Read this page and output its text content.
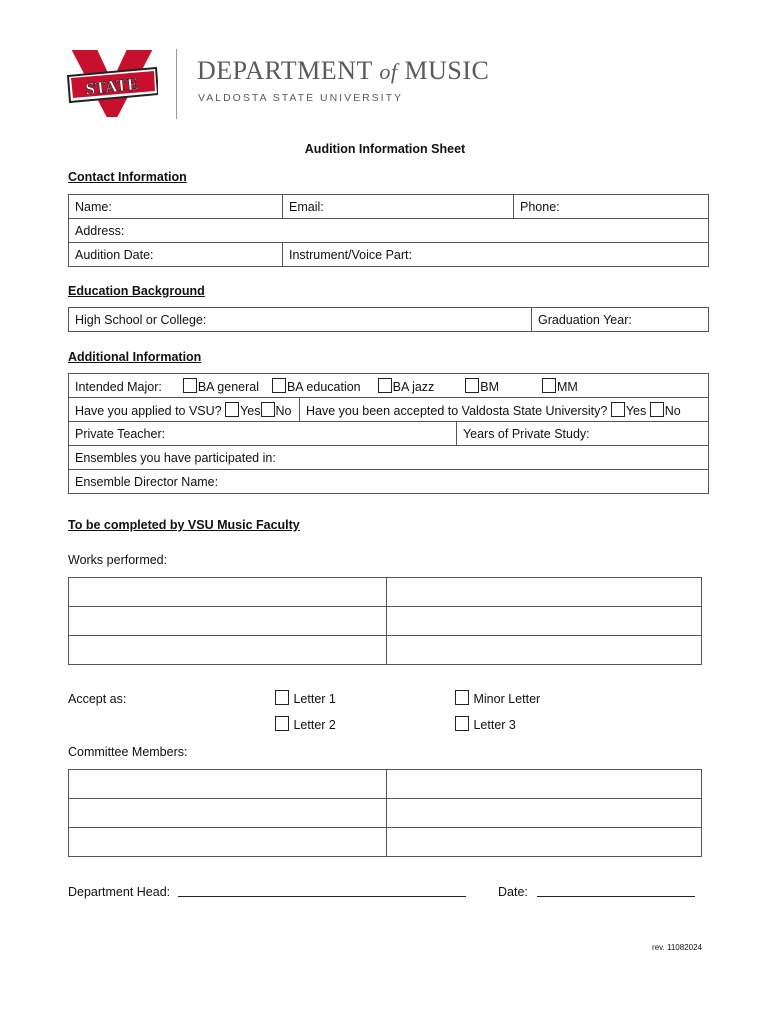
STATE
DEPARTMENT of MUSIC
VALDOSTA STATE UNIVERSITY
Audition Information Sheet
Contact Information
Name:	Email:	Phone:
Address:		
Audition Date:	Instrument/Voice Part:	
Education Background
High School or College:	Graduation Year:
Additional Information
Intended Major: BA general BA education BA jazz BM MM		
Have you applied to VSU? Yes No	Have you been accepted to Valdosta State University? Yes No	
Private Teacher:		Years of Private Study:
Ensembles you have participated in:		
Ensemble Director Name:		
To be completed by VSU Music Faculty
Works performed:

Accept as:	Letter 1	Minor Letter
Letter 2	Letter 3
Committee Members:

Department Head:	Date:
rev. 11082024
